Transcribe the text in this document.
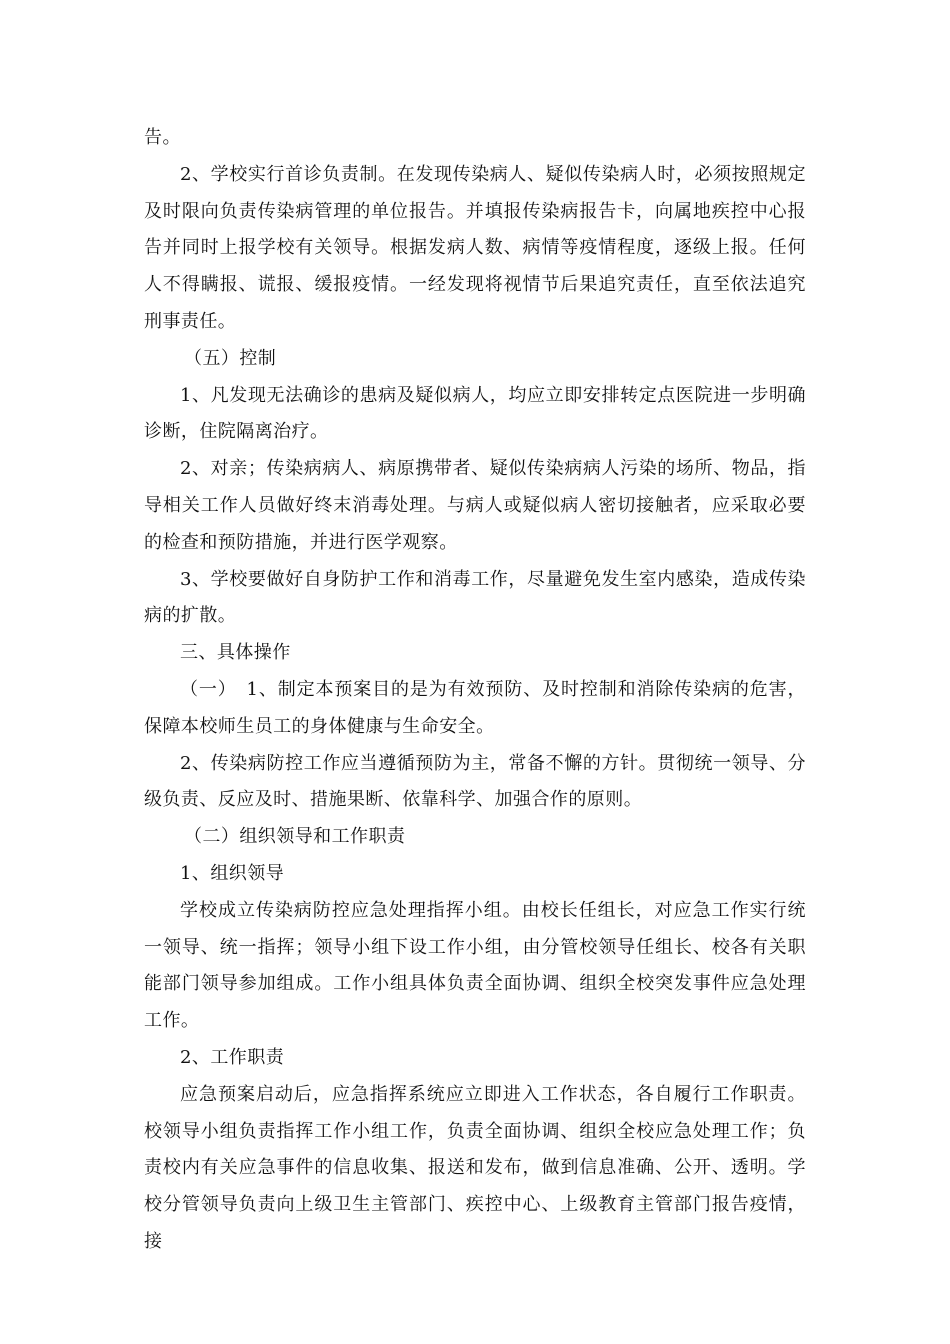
告。

2、学校实行首诊负责制。在发现传染病人、疑似传染病人时，必须按照规定及时限向负责传染病管理的单位报告。并填报传染病报告卡，向属地疾控中心报告并同时上报学校有关领导。根据发病人数、病情等疫情程度，逐级上报。任何人不得瞒报、谎报、缓报疫情。一经发现将视情节后果追究责任，直至依法追究刑事责任。

（五）控制

1、凡发现无法确诊的患病及疑似病人，均应立即安排转定点医院进一步明确诊断，住院隔离治疗。

2、对亲；传染病病人、病原携带者、疑似传染病病人污染的场所、物品，指导相关工作人员做好终末消毒处理。与病人或疑似病人密切接触者，应采取必要的检查和预防措施，并进行医学观察。

3、学校要做好自身防护工作和消毒工作，尽量避免发生室内感染，造成传染病的扩散。

三、具体操作

（一）　1、制定本预案目的是为有效预防、及时控制和消除传染病的危害，保障本校师生员工的身体健康与生命安全。

2、传染病防控工作应当遵循预防为主，常备不懈的方针。贯彻统一领导、分级负责、反应及时、措施果断、依靠科学、加强合作的原则。

（二）组织领导和工作职责

1、组织领导

学校成立传染病防控应急处理指挥小组。由校长任组长，对应急工作实行统一领导、统一指挥；领导小组下设工作小组，由分管校领导任组长、校各有关职能部门领导参加组成。工作小组具体负责全面协调、组织全校突发事件应急处理工作。

2、工作职责

应急预案启动后，应急指挥系统应立即进入工作状态，各自履行工作职责。校领导小组负责指挥工作小组工作，负责全面协调、组织全校应急处理工作；负责校内有关应急事件的信息收集、报送和发布，做到信息准确、公开、透明。学校分管领导负责向上级卫生主管部门、疾控中心、上级教育主管部门报告疫情，接
